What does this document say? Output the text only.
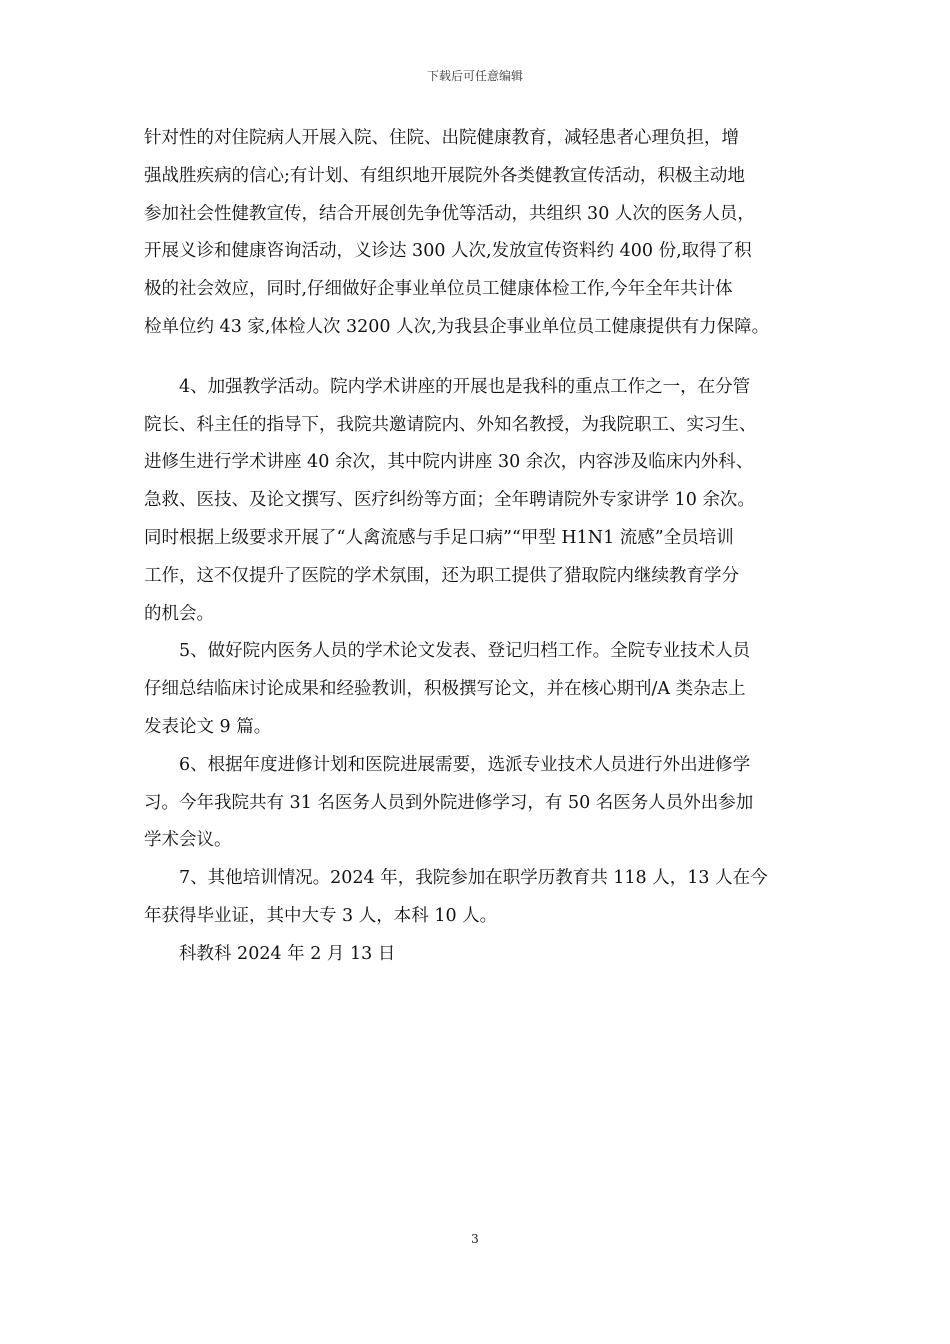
下载后可任意编辑
针对性的对住院病人开展入院、住院、出院健康教育，减轻患者心理负担，增
强战胜疾病的信心;有计划、有组织地开展院外各类健教宣传活动，积极主动地
参加社会性健教宣传，结合开展创先争优等活动，共组织 30 人次的医务人员，
开展义诊和健康咨询活动，义诊达 300 人次,发放宣传资料约 400 份,取得了积
极的社会效应，同时,仔细做好企事业单位员工健康体检工作,今年全年共计体
检单位约 43 家,体检人次 3200 人次,为我县企事业单位员工健康提供有力保障。
　　4、加强教学活动。院内学术讲座的开展也是我科的重点工作之一，在分管
院长、科主任的指导下，我院共邀请院内、外知名教授，为我院职工、实习生、
进修生进行学术讲座 40 余次，其中院内讲座 30 余次，内容涉及临床内外科、
急救、医技、及论文撰写、医疗纠纷等方面；全年聘请院外专家讲学 10 余次。
同时根据上级要求开展了“人禽流感与手足口病”“甲型 H1N1 流感”全员培训
工作，这不仅提升了医院的学术氛围，还为职工提供了猎取院内继续教育学分
的机会。
　　5、做好院内医务人员的学术论文发表、登记归档工作。全院专业技术人员
仔细总结临床讨论成果和经验教训，积极撰写论文，并在核心期刊/A 类杂志上
发表论文 9 篇。
　　6、根据年度进修计划和医院进展需要，选派专业技术人员进行外出进修学
习。今年我院共有 31 名医务人员到外院进修学习，有 50 名医务人员外出参加
学术会议。
　　7、其他培训情况。2024 年，我院参加在职学历教育共 118 人，13 人在今
年获得毕业证，其中大专 3 人，本科 10 人。
　　科教科 2024 年 2 月 13 日
3
